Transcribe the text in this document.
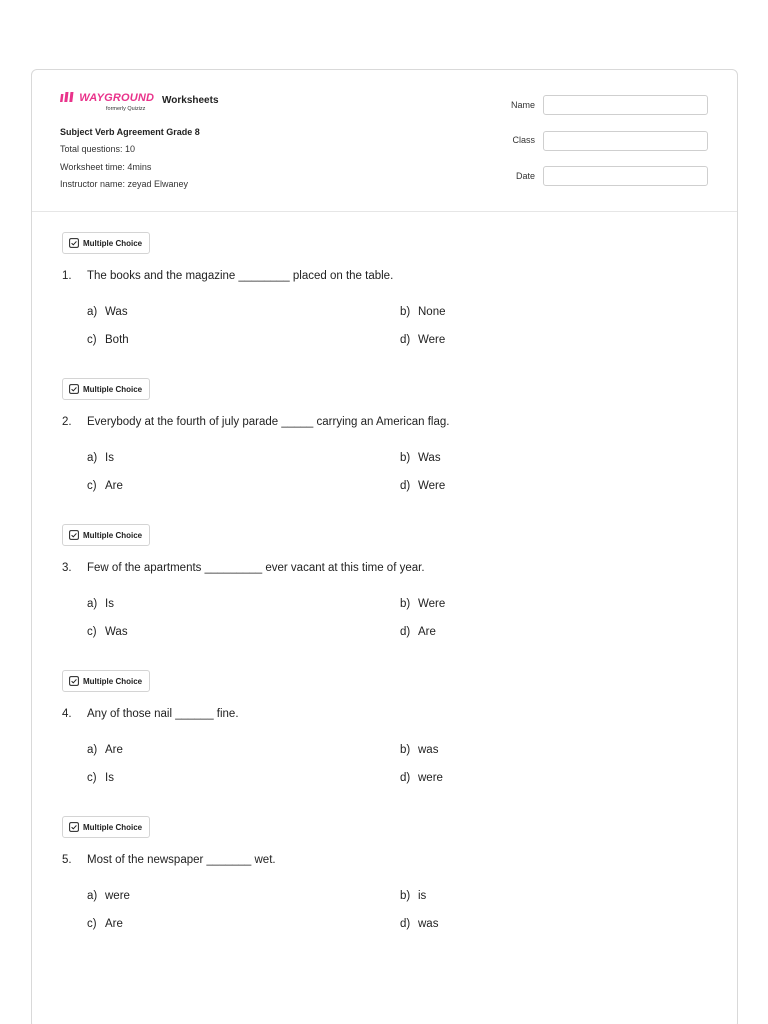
WAYGROUND
formerly Quizizz
Worksheets
Subject Verb Agreement Grade 8
Total questions: 10
Worksheet time: 4mins
Instructor name: zeyad Elwaney
Name
Class
Date
Multiple Choice
1. The books and the magazine ________ placed on the table.
a) Was	b) None
c) Both	d) Were
Multiple Choice
2. Everybody at the fourth of july parade _____ carrying an American flag.
a) Is	b) Was
c) Are	d) Were
Multiple Choice
3. Few of the apartments _________ ever vacant at this time of year.
a) Is	b) Were
c) Was	d) Are
Multiple Choice
4. Any of those nail ______ fine.
a) Are	b) was
c) Is	d) were
Multiple Choice
5. Most of the newspaper _______ wet.
a) were	b) is
c) Are	d) was
